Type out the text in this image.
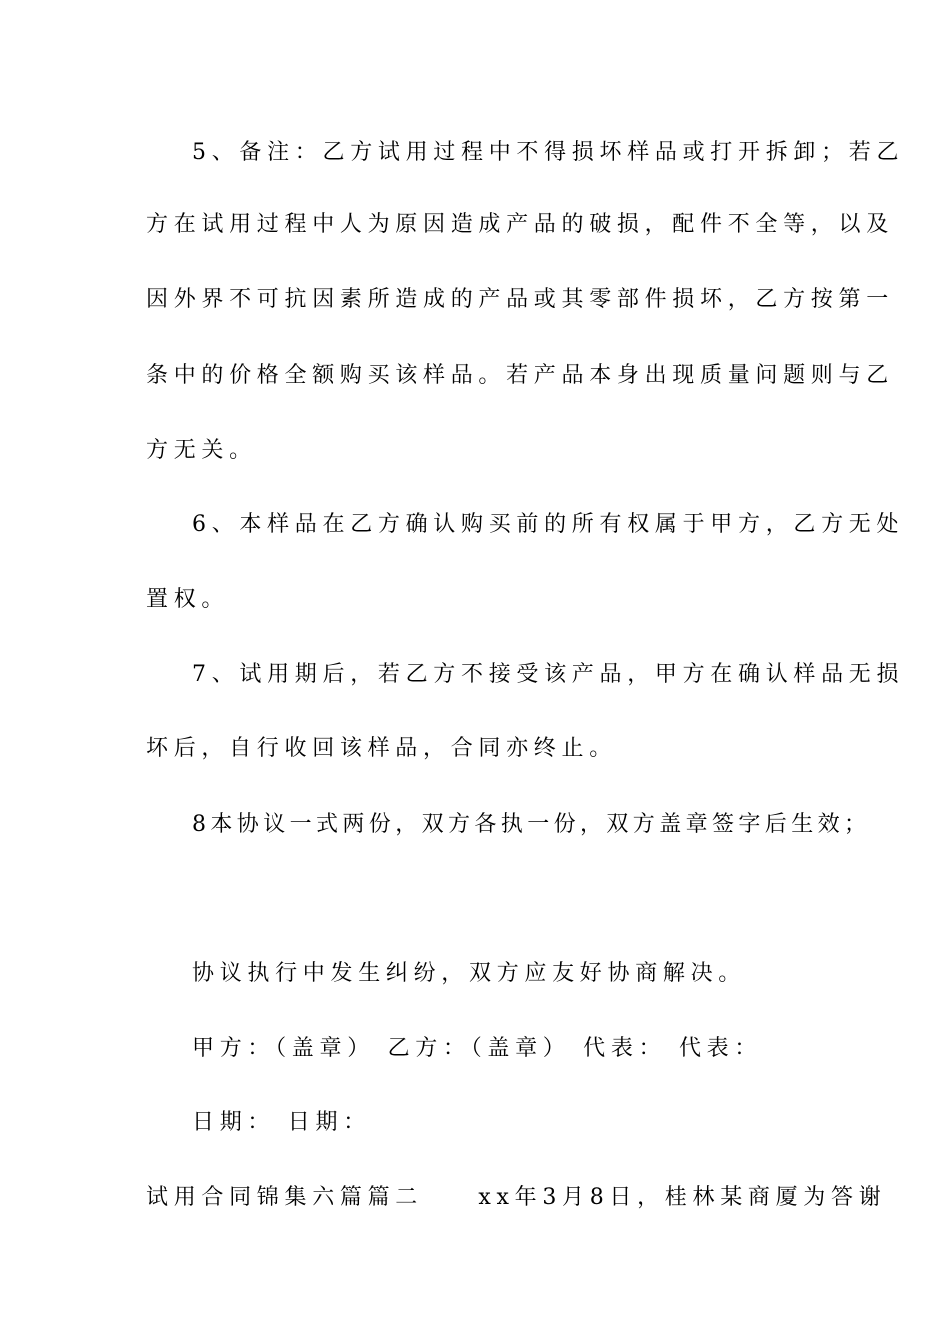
5、备注：乙方试用过程中不得损坏样品或打开拆卸；若乙
方在试用过程中人为原因造成产品的破损，配件不全等，以及
因外界不可抗因素所造成的产品或其零部件损坏，乙方按第一
条中的价格全额购买该样品。若产品本身出现质量问题则与乙
方无关。
6、本样品在乙方确认购买前的所有权属于甲方，乙方无处
置权。
7、试用期后，若乙方不接受该产品，甲方在确认样品无损
坏后，自行收回该样品，合同亦终止。
8本协议一式两份，双方各执一份，双方盖章签字后生效；
协议执行中发生纠纷，双方应友好协商解决。
甲方：（盖章） 乙方：（盖章） 代表： 代表：
日期： 日期：
试用合同锦集六篇篇二　　xx年3月8日，桂林某商厦为答谢
